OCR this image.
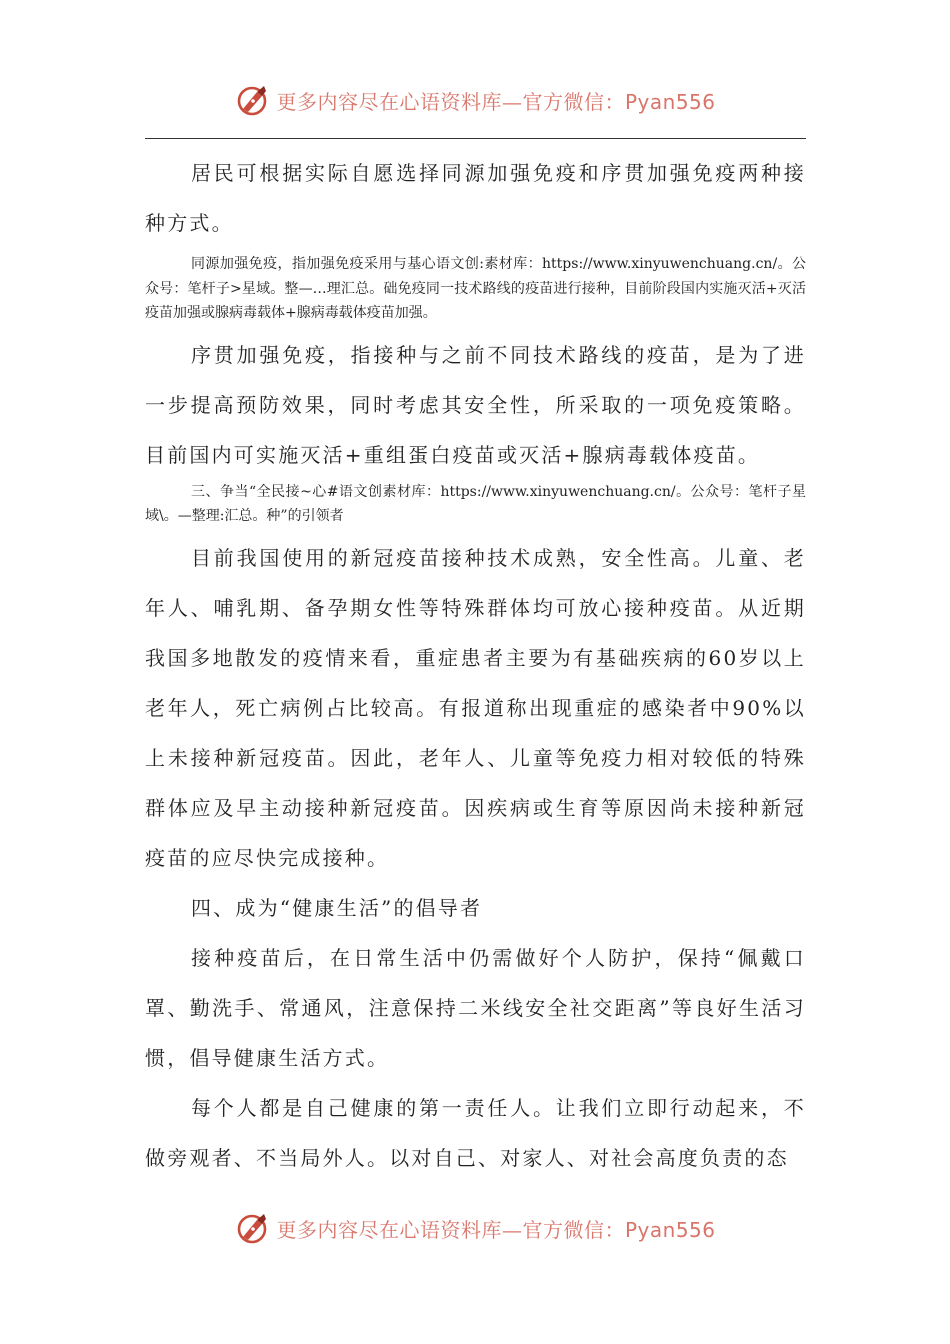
更多内容尽在心语资料库—官方微信：Pyan556

居民可根据实际自愿选择同源加强免疫和序贯加强免疫两种接种方式。

同源加强免疫，指加强免疫采用与基心语文创:素材库：https://www.xinyuwenchuang.cn/。公众号：笔杆子>星域。整—…理汇总。础免疫同一技术路线的疫苗进行接种，目前阶段国内实施灭活+灭活疫苗加强或腺病毒载体+腺病毒载体疫苗加强。

序贯加强免疫，指接种与之前不同技术路线的疫苗，是为了进一步提高预防效果，同时考虑其安全性，所采取的一项免疫策略。目前国内可实施灭活+重组蛋白疫苗或灭活+腺病毒载体疫苗。

三、争当“全民接~心#语文创素材库：https://www.xinyuwenchuang.cn/。公众号：笔杆子星域\。—整理:汇总。种”的引领者

目前我国使用的新冠疫苗接种技术成熟，安全性高。儿童、老年人、哺乳期、备孕期女性等特殊群体均可放心接种疫苗。从近期我国多地散发的疫情来看，重症患者主要为有基础疾病的60岁以上老年人，死亡病例占比较高。有报道称出现重症的感染者中90%以上未接种新冠疫苗。因此，老年人、儿童等免疫力相对较低的特殊群体应及早主动接种新冠疫苗。因疾病或生育等原因尚未接种新冠疫苗的应尽快完成接种。

四、成为“健康生活”的倡导者

接种疫苗后，在日常生活中仍需做好个人防护，保持“佩戴口罩、勤洗手、常通风，注意保持二米线安全社交距离”等良好生活习惯，倡导健康生活方式。

每个人都是自己健康的第一责任人。让我们立即行动起来，不做旁观者、不当局外人。以对自己、对家人、对社会高度负责的态

更多内容尽在心语资料库—官方微信：Pyan556
